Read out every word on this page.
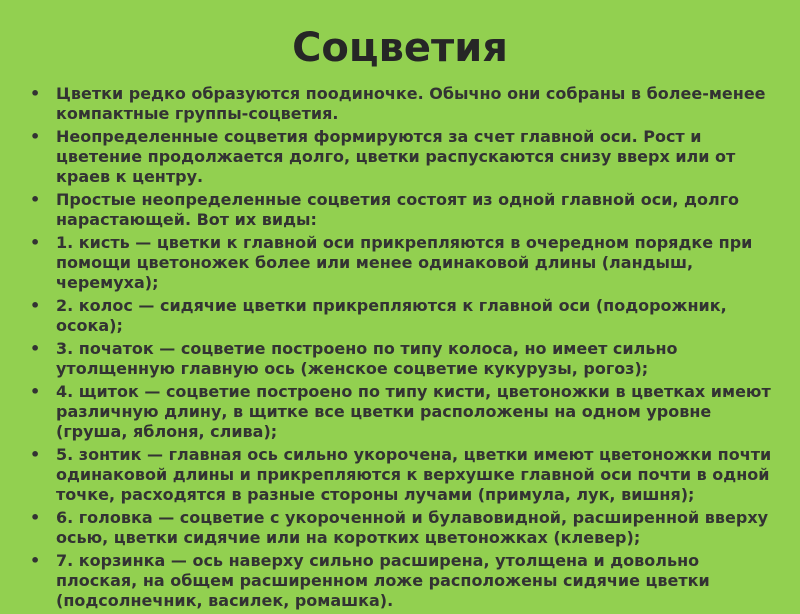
Соцветия
• Цветки редко образуются поодиночке. Обычно они собраны в более-менее компактные группы-соцветия.
• Неопределенные соцветия формируются за счет главной оси. Рост и цветение продолжается долго, цветки распускаются снизу вверх или от краев к центру.
• Простые неопределенные соцветия состоят из одной главной оси, долго нарастающей. Вот их виды:
• 1. кисть — цветки к главной оси прикрепляются в очередном порядке при помощи цветоножек более или менее одинаковой длины (ландыш, черемуха);
• 2. колос — сидячие цветки прикрепляются к главной оси (подорожник, осока);
• 3. початок — соцветие построено по типу колоса, но имеет сильно утолщенную главную ось (женское соцветие кукурузы, рогоз);
• 4. щиток — соцветие построено по типу кисти, цветоножки в цветках имеют различную длину, в щитке все цветки расположены на одном уровне (груша, яблоня, слива);
• 5. зонтик — главная ось сильно укорочена, цветки имеют цветоножки почти одинаковой длины и прикрепляются к верхушке главной оси почти в одной точке, расходятся в разные стороны лучами (примула, лук, вишня);
• 6. головка — соцветие с укороченной и булавовидной, расширенной вверху осью, цветки сидячие или на коротких цветоножках (клевер);
• 7. корзинка — ось наверху сильно расширена, утолщена и довольно плоская, на общем расширенном ложе расположены сидячие цветки (подсолнечник, василек, ромашка).
